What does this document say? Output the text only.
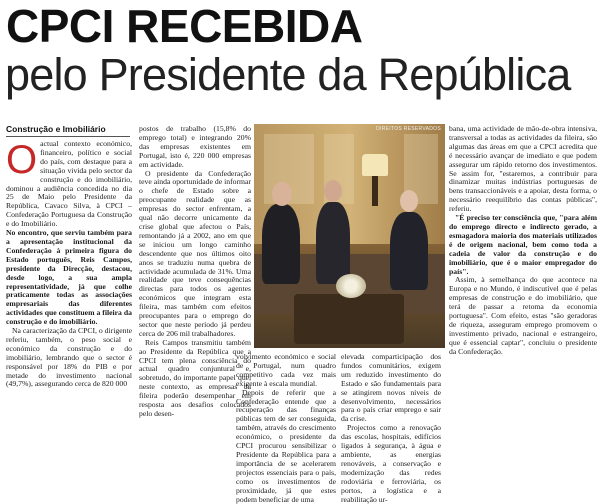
CPCI RECEBIDA
pelo Presidente da República
Construção e Imobiliário
O actual contexto económico, financeiro, político e social do país, com destaque para a situação vivida pelo sector da construção e do imobiliário, dominou a audiência concedida no dia 25 de Maio pelo Presidente da República, Cavaco Silva, à CPCI – Confederação Portuguesa da Construção e do Imobiliário.

No encontro, que serviu também para a apresentação institucional da Confederação à primeira figura do Estado português, Reis Campos, presidente da Direcção, destacou, desde logo, a sua ampla representatividade, já que colhe praticamente todas as associações empresariais das diferentes actividades que constituem a fileira da construção e do imobiliário.

Na caracterização da CPCI, o dirigente referiu, também, o peso social e económico da construção e do imobiliário, lembrando que o sector é responsável por 18% do PIB e por metade do investimento nacional (49,7%), assegurando cerca de 820 000

postos de trabalho (15,8% do emprego total) e integrando 20% das empresas existentes em Portugal, isto é, 220 000 empresas em actividade.

O presidente da Confederação teve ainda oportunidade de informar o chefe de Estado sobre a preocupante realidade que as empresas do sector enfrentam, a qual não decorre unicamente da crise global que afectou o País, remontando já a 2002, ano em que se iniciou um longo caminho descendente que nos últimos oito anos se traduziu numa quebra de actividade acumulada de 31%. Uma realidade que teve consequências directas para todos os agentes económicos que integram esta fileira, mas também com efeitos preocupantes para o emprego do sector que neste período já perdeu cerca de 206 mil trabalhadores.

Reis Campos transmitiu também ao Presidente da República que a CPCI tem plena consciência do actual quadro conjuntural e, sobretudo, do importante papel que, neste contexto, as empresas da fileira poderão desempenhar em resposta aos desafios colocados pelo desen-

DIREITOS RESERVADOS

volvimento económico e social de Portugal, num quadro competitivo cada vez mais exigente à escala mundial.

Depois de referir que a Confederação entende que a recuperação das finanças públicas tem de ser conseguida, também, através do crescimento económico, o presidente da CPCI procurou sensibilizar o Presidente da República para a importância de se acelerarem projectos essenciais para o país, como os investimentos de proximidade, já que estes podem beneficiar de uma

elevada comparticipação dos fundos comunitários, exigem um reduzido investimento do Estado e são fundamentais para se atingirem novos níveis de desenvolvimento, necessários para o país criar emprego e sair da crise.

Projectos como a renovação das escolas, hospitais, edifícios ligados à segurança, à água e ambiente, as energias renováveis, a conservação e modernização das redes rodoviária e ferroviária, os portos, a logística e a reabilitação ur-

bana, uma actividade de mão-de-obra intensiva, transversal a todas as actividades da fileira, são algumas das áreas em que a CPCI acredita que é necessário avançar de imediato e que podem assegurar um rápido retorno dos investimentos. Se assim for, "estaremos, a contribuir para dinamizar muitas indústrias portuguesas de bens transaccionáveis e a apoiar, desta forma, o necessário reequilíbrio das contas públicas", referiu.

"É preciso ter consciência que, "para além do emprego directo e indirecto gerado, a esmagadora maioria dos materiais utilizados é de origem nacional, bem como toda a cadeia de valor da construção e do imobiliário, que é o maior empregador do país".

Assim, à semelhança do que acontece na Europa e no Mundo, é indiscutível que é pelas empresas de construção e do imobiliário, que terá de passar a retoma da economia portuguesa". Com efeito, estas "são geradoras de riqueza, asseguram emprego promovem o investimento privado, nacional e estrangeiro, que é essencial captar", concluiu o presidente da Confederação.
